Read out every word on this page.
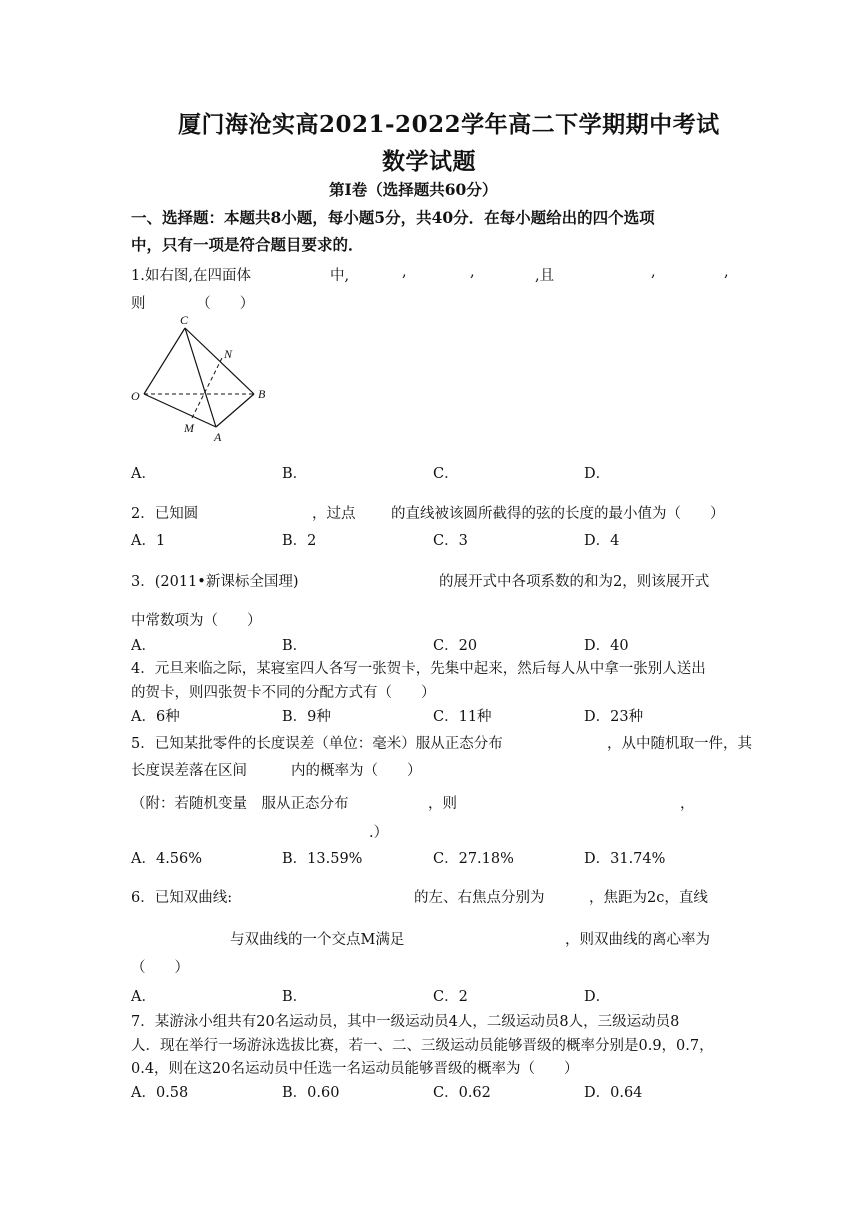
厦门海沧实高2021-2022学年高二下学期期中考试
数学试题
第Ⅰ卷（选择题共60分）
一、选择题：本题共8小题，每小题5分，共40分．在每小题给出的四个选项
中，只有一项是符合题目要求的．
1.如右图,在四面体	中,	,	,	,且	,	,
则　　　　（　　）
C
N
O	B
M
A
A．	B．	C．	D．
2．已知圆	，过点 的直线被该圆所截得的弦的长度的最小值为（　　）
A．1	B．2	C．3	D．4
3．(2011•新课标全国理)	的展开式中各项系数的和为2，则该展开式
中常数项为（　　）
A．	B．	C．20	D．40
4．元旦来临之际，某寝室四人各写一张贺卡，先集中起来，然后每人从中拿一张别人送出
的贺卡，则四张贺卡不同的分配方式有（　　）
A．6种	B．9种	C．11种	D．23种
5．已知某批零件的长度误差（单位：毫米）服从正态分布	，从中随机取一件，其
长度误差落在区间	内的概率为（　　）
（附：若随机变量　服从正态分布	，则	，
.）
A．4.56%	B．13.59%	C．27.18%	D．31.74%
6．已知双曲线:	的左、右焦点分别为	，焦距为2c，直线
与双曲线的一个交点M满足	，则双曲线的离心率为
（　　）
A．	B．	C．2	D．
7．某游泳小组共有20名运动员，其中一级运动员4人，二级运动员8人，三级运动员8
人．现在举行一场游泳选拔比赛，若一、二、三级运动员能够晋级的概率分别是0.9，0.7，
0.4，则在这20名运动员中任选一名运动员能够晋级的概率为（　　）
A．0.58	B．0.60	C．0.62	D．0.64
